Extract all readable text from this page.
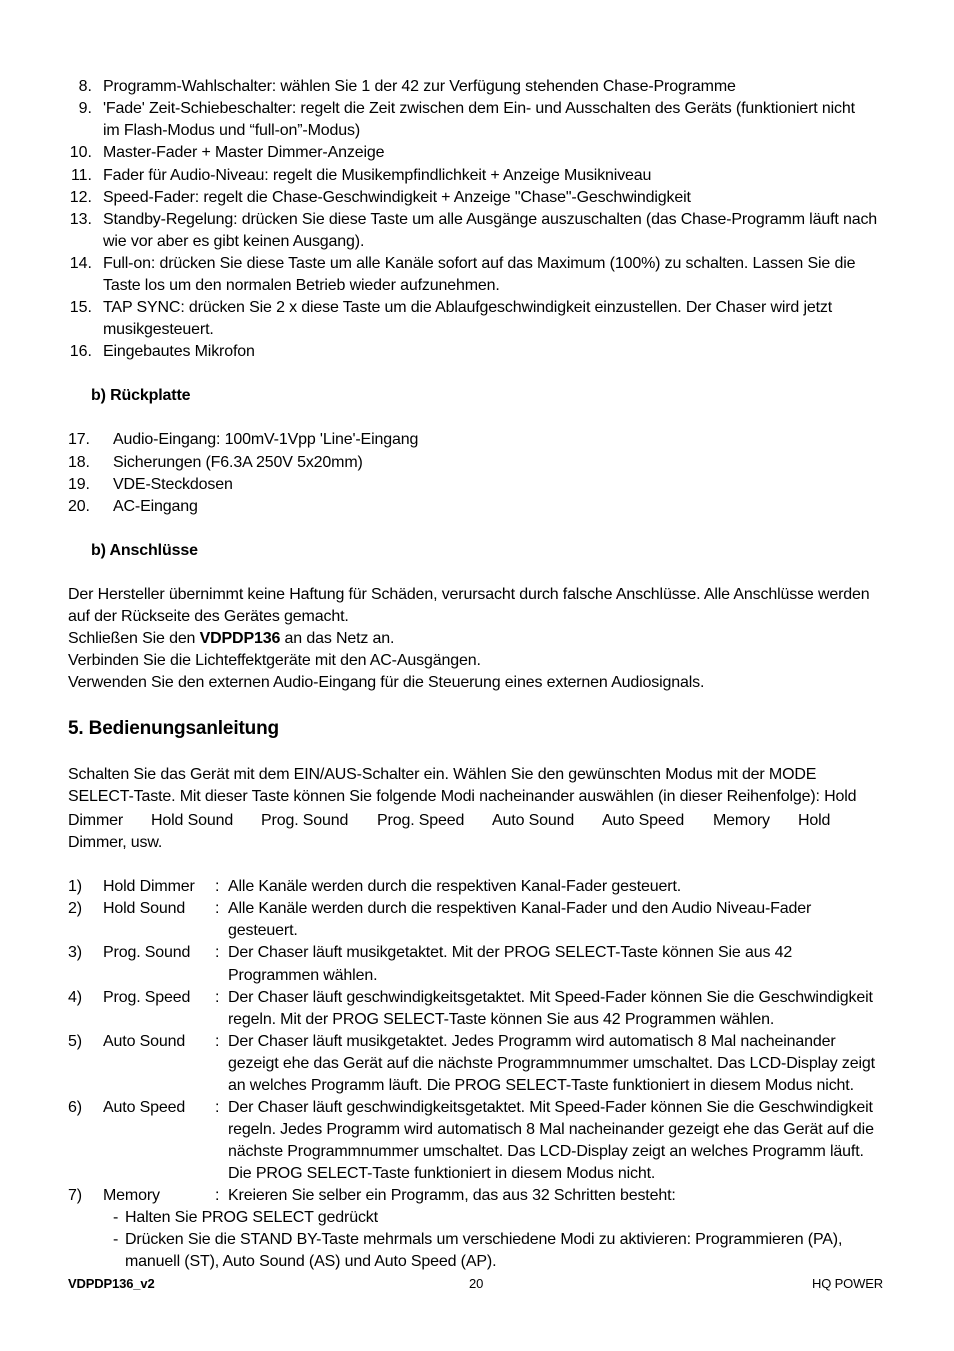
8. Programm-Wahlschalter: wählen Sie 1 der 42 zur Verfügung stehenden Chase-Programme
9. 'Fade' Zeit-Schiebeschalter: regelt die Zeit zwischen dem Ein- und Ausschalten des Geräts (funktioniert nicht
im Flash-Modus und “full-on”-Modus)
10. Master-Fader + Master Dimmer-Anzeige
11. Fader für Audio-Niveau: regelt die Musikempfindlichkeit + Anzeige Musikniveau
12. Speed-Fader: regelt die Chase-Geschwindigkeit + Anzeige "Chase"-Geschwindigkeit
13. Standby-Regelung: drücken Sie diese Taste um alle Ausgänge auszuschalten (das Chase-Programm läuft nach
wie vor aber es gibt keinen Ausgang).
14. Full-on: drücken Sie diese Taste um alle Kanäle sofort auf das Maximum (100%) zu schalten. Lassen Sie die
Taste los um den normalen Betrieb wieder aufzunehmen.
15. TAP SYNC: drücken Sie 2 x diese Taste um die Ablaufgeschwindigkeit einzustellen. Der Chaser wird jetzt
musikgesteuert.
16. Eingebautes Mikrofon
b) Rückplatte
17. Audio-Eingang: 100mV-1Vpp 'Line'-Eingang
18. Sicherungen (F6.3A 250V 5x20mm)
19. VDE-Steckdosen
20. AC-Eingang
b) Anschlüsse
Der Hersteller übernimmt keine Haftung für Schäden, verursacht durch falsche Anschlüsse. Alle Anschlüsse werden
auf der Rückseite des Gerätes gemacht.
Schließen Sie den VDPDP136 an das Netz an.
Verbinden Sie die Lichteffektgeräte mit den AC-Ausgängen.
Verwenden Sie den externen Audio-Eingang für die Steuerung eines externen Audiosignals.
5. Bedienungsanleitung
Schalten Sie das Gerät mit dem EIN/AUS-Schalter ein. Wählen Sie den gewünschten Modus mit der MODE
SELECT-Taste. Mit dieser Taste können Sie folgende Modi nacheinander auswählen (in dieser Reihenfolge): Hold
Dimmer Hold Sound Prog. Sound Prog. Speed Auto Sound Auto Speed Memory Hold
Dimmer, usw.
1) Hold Dimmer : Alle Kanäle werden durch die respektiven Kanal-Fader gesteuert.
2) Hold Sound : Alle Kanäle werden durch die respektiven Kanal-Fader und den Audio Niveau-Fader
gesteuert.
3) Prog. Sound : Der Chaser läuft musikgetaktet. Mit der PROG SELECT-Taste können Sie aus 42
Programmen wählen.
4) Prog. Speed : Der Chaser läuft geschwindigkeitsgetaktet. Mit Speed-Fader können Sie die Geschwindigkeit
regeln. Mit der PROG SELECT-Taste können Sie aus 42 Programmen wählen.
5) Auto Sound : Der Chaser läuft musikgetaktet. Jedes Programm wird automatisch 8 Mal nacheinander
gezeigt ehe das Gerät auf die nächste Programmnummer umschaltet. Das LCD-Display zeigt
an welches Programm läuft. Die PROG SELECT-Taste funktioniert in diesem Modus nicht.
6) Auto Speed : Der Chaser läuft geschwindigkeitsgetaktet. Mit Speed-Fader können Sie die Geschwindigkeit
regeln. Jedes Programm wird automatisch 8 Mal nacheinander gezeigt ehe das Gerät auf die
nächste Programmnummer umschaltet. Das LCD-Display zeigt an welches Programm läuft.
Die PROG SELECT-Taste funktioniert in diesem Modus nicht.
7) Memory	: Kreieren Sie selber ein Programm, das aus 32 Schritten besteht:
- Halten Sie PROG SELECT gedrückt
- Drücken Sie die STAND BY-Taste mehrmals um verschiedene Modi zu aktivieren: Programmieren (PA),
manuell (ST), Auto Sound (AS) und Auto Speed (AP).
VDPDP136_v2	20	HQ POWER
